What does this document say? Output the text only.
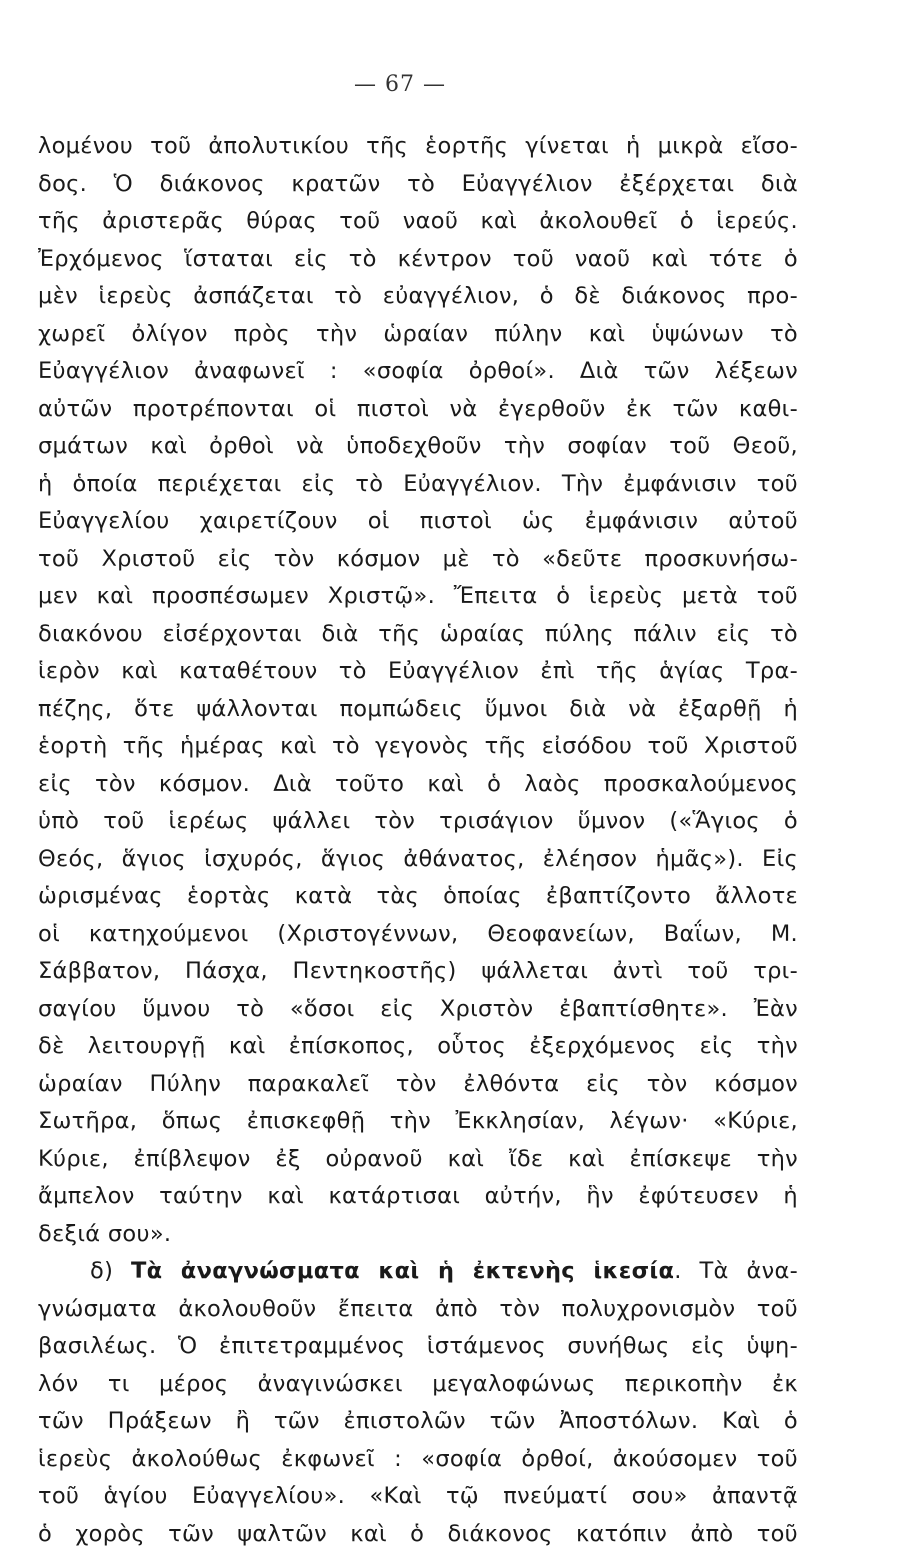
— 67 —
λομένου τοῦ ἀπολυτικίου τῆς ἑορτῆς γίνεται ἡ μικρὰ εἴσο-
δος. Ὁ διάκονος κρατῶν τὸ Εὐαγγέλιον ἐξέρχεται διὰ
τῆς ἀριστερᾶς θύρας τοῦ ναοῦ καὶ ἀκολουθεῖ ὁ ἱερεύς.
Ἐρχόμενος ἵσταται εἰς τὸ κέντρον τοῦ ναοῦ καὶ τότε ὁ
μὲν ἱερεὺς ἀσπάζεται τὸ εὐαγγέλιον, ὁ δὲ διάκονος προ-
χωρεῖ ὀλίγον πρὸς τὴν ὡραίαν πύλην καὶ ὑψώνων τὸ
Εὐαγγέλιον ἀναφωνεῖ : «σοφία ὀρθοί». Διὰ τῶν λέξεων
αὐτῶν προτρέπονται οἱ πιστοὶ νὰ ἐγερθοῦν ἐκ τῶν καθι-
σμάτων καὶ ὀρθοὶ νὰ ὑποδεχθοῦν τὴν σοφίαν τοῦ Θεοῦ,
ἡ ὁποία περιέχεται εἰς τὸ Εὐαγγέλιον. Τὴν ἐμφάνισιν τοῦ
Εὐαγγελίου χαιρετίζουν οἱ πιστοὶ ὡς ἐμφάνισιν αὐτοῦ
τοῦ Χριστοῦ εἰς τὸν κόσμον μὲ τὸ «δεῦτε προσκυνήσω-
μεν καὶ προσπέσωμεν Χριστῷ». Ἔπειτα ὁ ἱερεὺς μετὰ τοῦ
διακόνου εἰσέρχονται διὰ τῆς ὡραίας πύλης πάλιν εἰς τὸ
ἱερὸν καὶ καταθέτουν τὸ Εὐαγγέλιον ἐπὶ τῆς ἁγίας Τρα-
πέζης, ὅτε ψάλλονται πομπώδεις ὕμνοι διὰ νὰ ἐξαρθῇ ἡ
ἑορτὴ τῆς ἡμέρας καὶ τὸ γεγονὸς τῆς εἰσόδου τοῦ Χριστοῦ
εἰς τὸν κόσμον. Διὰ τοῦτο καὶ ὁ λαὸς προσκαλούμενος
ὑπὸ τοῦ ἱερέως ψάλλει τὸν τρισάγιον ὕμνον («Ἅγιος ὁ
Θεός, ἅγιος ἰσχυρός, ἅγιος ἀθάνατος, ἐλέησον ἡμᾶς»). Εἰς
ὡρισμένας ἑορτὰς κατὰ τὰς ὁποίας ἐβαπτίζοντο ἄλλοτε
οἱ κατηχούμενοι (Χριστογέννων, Θεοφανείων, Βαΐων, Μ.
Σάββατον, Πάσχα, Πεντηκοστῆς) ψάλλεται ἀντὶ τοῦ τρι-
σαγίου ὕμνου τὸ «ὅσοι εἰς Χριστὸν ἐβαπτίσθητε». Ἐὰν
δὲ λειτουργῇ καὶ ἐπίσκοπος, οὗτος ἐξερχόμενος εἰς τὴν
ὡραίαν Πύλην παρακαλεῖ τὸν ἐλθόντα εἰς τὸν κόσμον
Σωτῆρα, ὅπως ἐπισκεφθῇ τὴν Ἐκκλησίαν, λέγων· «Κύριε,
Κύριε, ἐπίβλεψον ἐξ οὐρανοῦ καὶ ἴδε καὶ ἐπίσκεψε τὴν
ἄμπελον ταύτην καὶ κατάρτισαι αὐτήν, ἣν ἐφύτευσεν ἡ
δεξιά σου».
δ) Τὰ ἀναγνώσματα καὶ ἡ ἐκτενὴς ἱκεσία. Τὰ ἀνα-
γνώσματα ἀκολουθοῦν ἔπειτα ἀπὸ τὸν πολυχρονισμὸν τοῦ
βασιλέως. Ὁ ἐπιτετραμμένος ἱστάμενος συνήθως εἰς ὑψη-
λόν τι μέρος ἀναγινώσκει μεγαλοφώνως περικοπὴν ἐκ
τῶν Πράξεων ἢ τῶν ἐπιστολῶν τῶν Ἀποστόλων. Καὶ ὁ
ἱερεὺς ἀκολούθως ἐκφωνεῖ : «σοφία ὀρθοί, ἀκούσομεν τοῦ
τοῦ ἁγίου Εὐαγγελίου». «Καὶ τῷ πνεύματί σου» ἀπαντᾷ
ὁ χορὸς τῶν ψαλτῶν καὶ ὁ διάκονος κατόπιν ἀπὸ τοῦ
